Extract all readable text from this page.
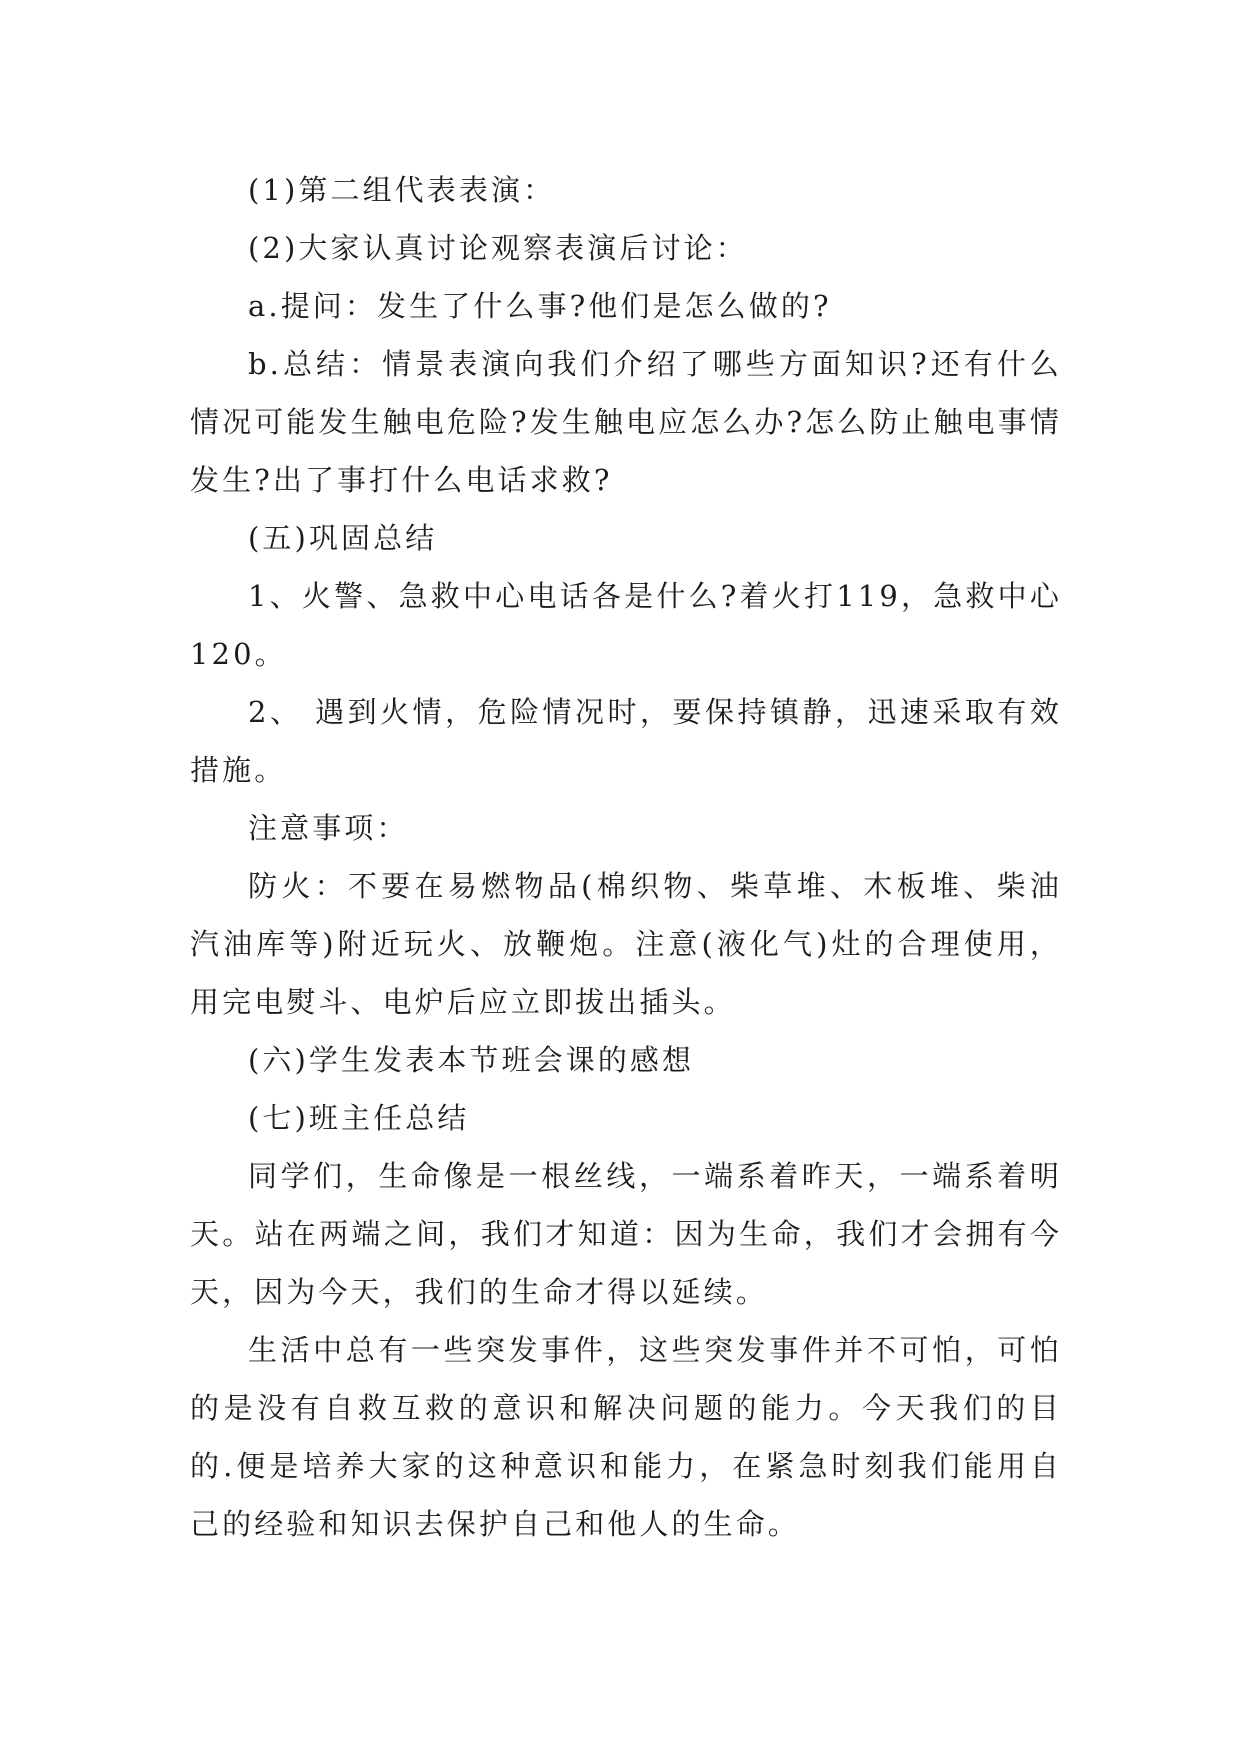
(1)第二组代表表演：

(2)大家认真讨论观察表演后讨论：

a.提问：发生了什么事?他们是怎么做的?

b.总结：情景表演向我们介绍了哪些方面知识?还有什么情况可能发生触电危险?发生触电应怎么办?怎么防止触电事情发生?出了事打什么电话求救?

(五)巩固总结

1、火警、急救中心电话各是什么?着火打119，急救中心120。

2、 遇到火情，危险情况时，要保持镇静，迅速采取有效措施。

注意事项：

防火：不要在易燃物品(棉织物、柴草堆、木板堆、柴油汽油库等)附近玩火、放鞭炮。注意(液化气)灶的合理使用，用完电熨斗、电炉后应立即拔出插头。

(六)学生发表本节班会课的感想

(七)班主任总结

同学们，生命像是一根丝线，一端系着昨天，一端系着明天。站在两端之间，我们才知道：因为生命，我们才会拥有今天，因为今天，我们的生命才得以延续。

生活中总有一些突发事件，这些突发事件并不可怕，可怕的是没有自救互救的意识和解决问题的能力。今天我们的目的.便是培养大家的这种意识和能力，在紧急时刻我们能用自己的经验和知识去保护自己和他人的生命。
